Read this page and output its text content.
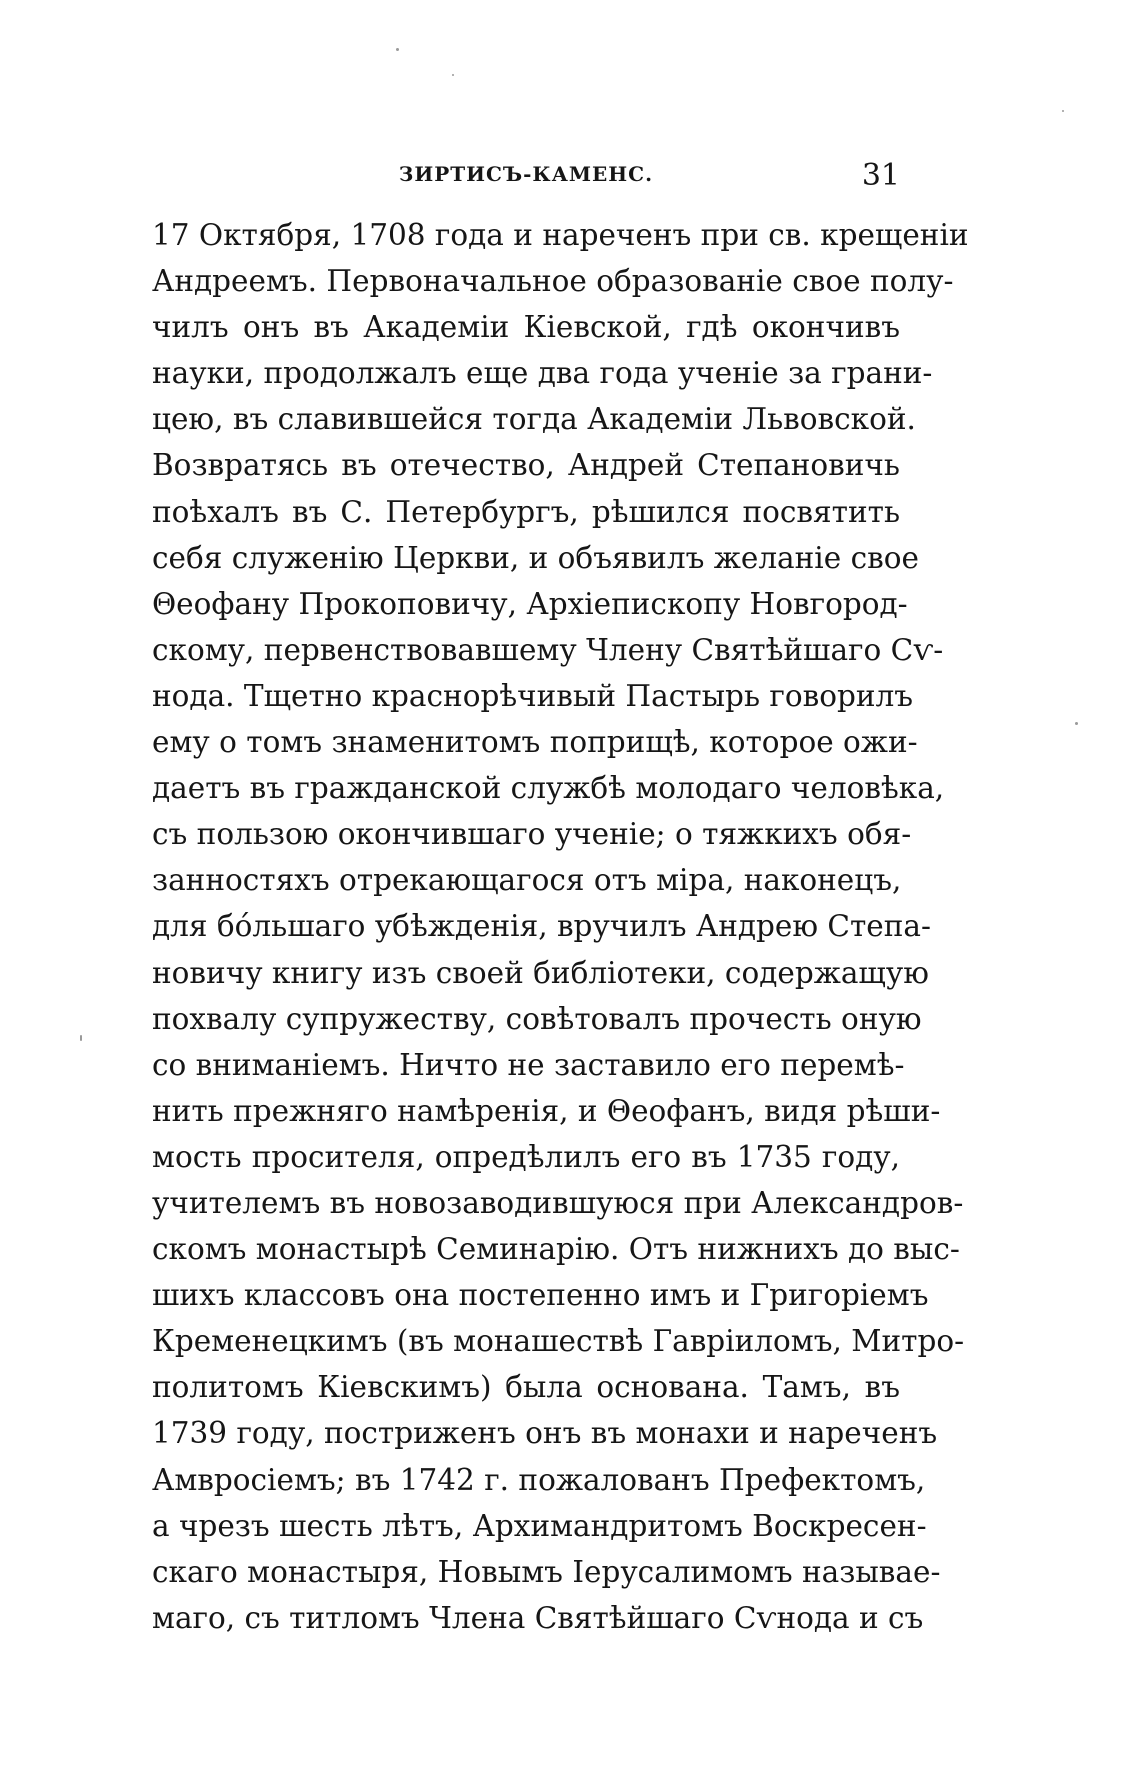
ЗИРТИСЪ-КАМЕНС.	31
17 Октября, 1708 года и нареченъ при св. крещеніи
Андреемъ. Первоначальное образованіе свое полу-
чилъ онъ въ Академіи Кіевской, гдѣ окончивъ
науки, продолжалъ еще два года ученіе за грани-
цею, въ славившейся тогда Академіи Львовской.
Возвратясь въ отечество, Андрей Степановичь
поѣхалъ въ С. Петербургъ, рѣшился посвятить
себя служенію Церкви, и объявилъ желаніе свое
Θеофану Прокоповичу, Архіепископу Новгород-
скому, первенствовавшему Члену Святѣйшаго Сѵ-
нода. Тщетно краснорѣчивый Пастырь говорилъ
ему о томъ знаменитомъ поприщѣ, которое ожи-
даетъ въ гражданской службѣ молодаго человѣка,
съ пользою окончившаго ученіе; о тяжкихъ обя-
занностяхъ отрекающагося отъ міра, наконецъ,
для бо́льшаго убѣжденія, вручилъ Андрею Степа-
новичу книгу изъ своей библіотеки, содержащую
похвалу супружеству, совѣтовалъ прочесть оную
со вниманіемъ. Ничто не заставило его перемѣ-
нить прежняго намѣренія, и Θеофанъ, видя рѣши-
мость просителя, опредѣлилъ его въ 1735 году,
учителемъ въ новозаводившуюся при Александров-
скомъ монастырѣ Семинарію. Отъ нижнихъ до выс-
шихъ классовъ она постепенно имъ и Григоріемъ
Кременецкимъ (въ монашествѣ Гавріиломъ, Митро-
политомъ Кіевскимъ) была основана. Тамъ, въ
1739 году, постриженъ онъ въ монахи и нареченъ
Амвросіемъ; въ 1742 г. пожалованъ Префектомъ,
а чрезъ шесть лѣтъ, Архимандритомъ Воскресен-
скаго монастыря, Новымъ Іерусалимомъ называе-
маго, съ титломъ Члена Святѣйшаго Сѵнода и съ
